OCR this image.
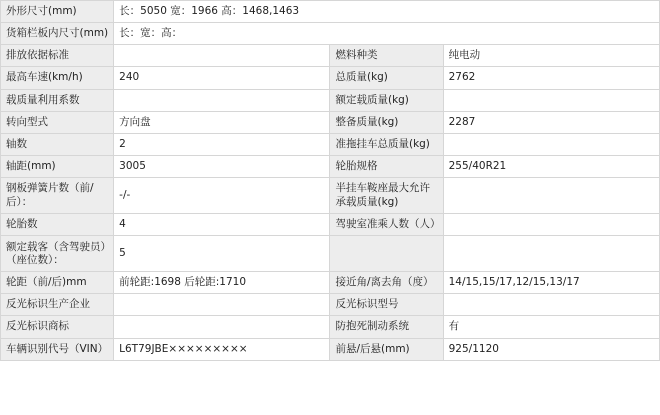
外形尺寸(mm)	长：5050 宽：1966 高：1468,1463		
货箱栏板内尺寸(mm)	长：宽：高：		
排放依据标准		燃料种类	纯电动
最高车速(km/h)	240	总质量(kg)	2762
载质量利用系数		额定载质量(kg)	
转向型式	方向盘	整备质量(kg)	2287
轴数	2	准拖挂车总质量(kg)	
轴距(mm)	3005	轮胎规格	255/40R21
钢板弹簧片数（前/后）：	-/-	半挂车鞍座最大允许承载质量(kg)	
轮胎数	4	驾驶室准乘人数（人）	
额定载客（含驾驶员）（座位数）：	5		
轮距（前/后)mm	前轮距:1698 后轮距:1710	接近角/离去角（度）	14/15,15/17,12/15,13/17
反光标识生产企业		反光标识型号	
反光标识商标		防抱死制动系统	有
车辆识别代号（VIN）	L6T79JBE×××××××××	前悬/后悬(mm)	925/1120
